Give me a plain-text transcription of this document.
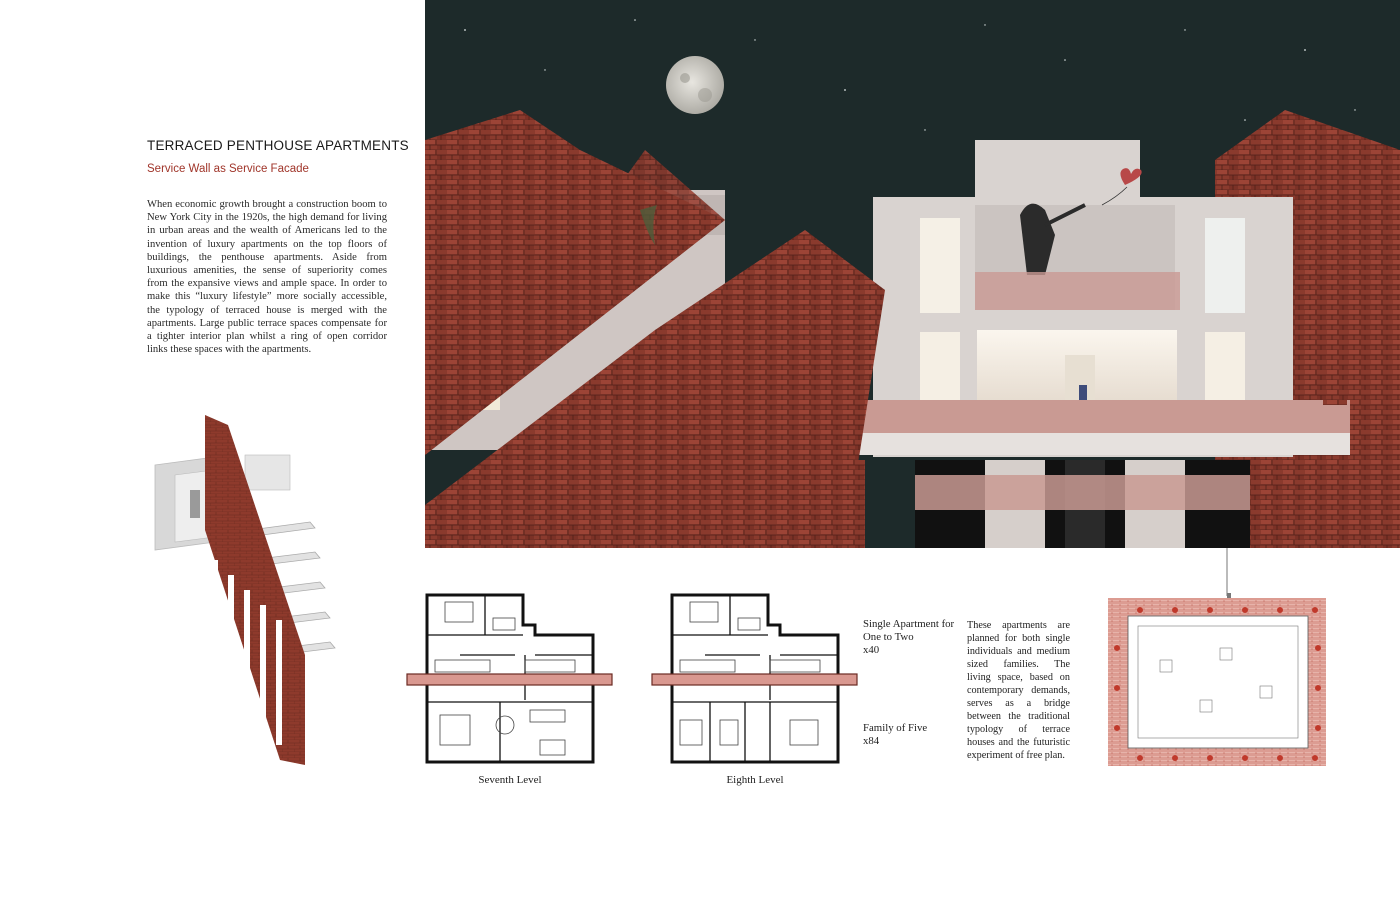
TERRACED PENTHOUSE APARTMENTS
Service Wall as Service Facade
When economic growth brought a construction boom to New York City in the 1920s, the high demand for living in urban areas and the wealth of Americans led to the invention of luxury apartments on the top floors of buildings, the penthouse apartments. Aside from luxurious amenities, the sense of superiority comes from the expansive views and ample space. In order to make this “luxury lifestyle” more socially accessible, the typology of terraced house is merged with the apartments. Large public terrace spaces compensate for a tighter interior plan whilst a ring of open corridor links these spaces with the apartments.
Seventh Level	Eighth Level
Single Apartment for One to Two
x40
Family of Five
x84
These apartments are planned for both single individuals and medium sized families. The living space, based on contemporary demands, serves as a bridge between the traditional typology of terrace houses and the futuristic experiment of free plan.
